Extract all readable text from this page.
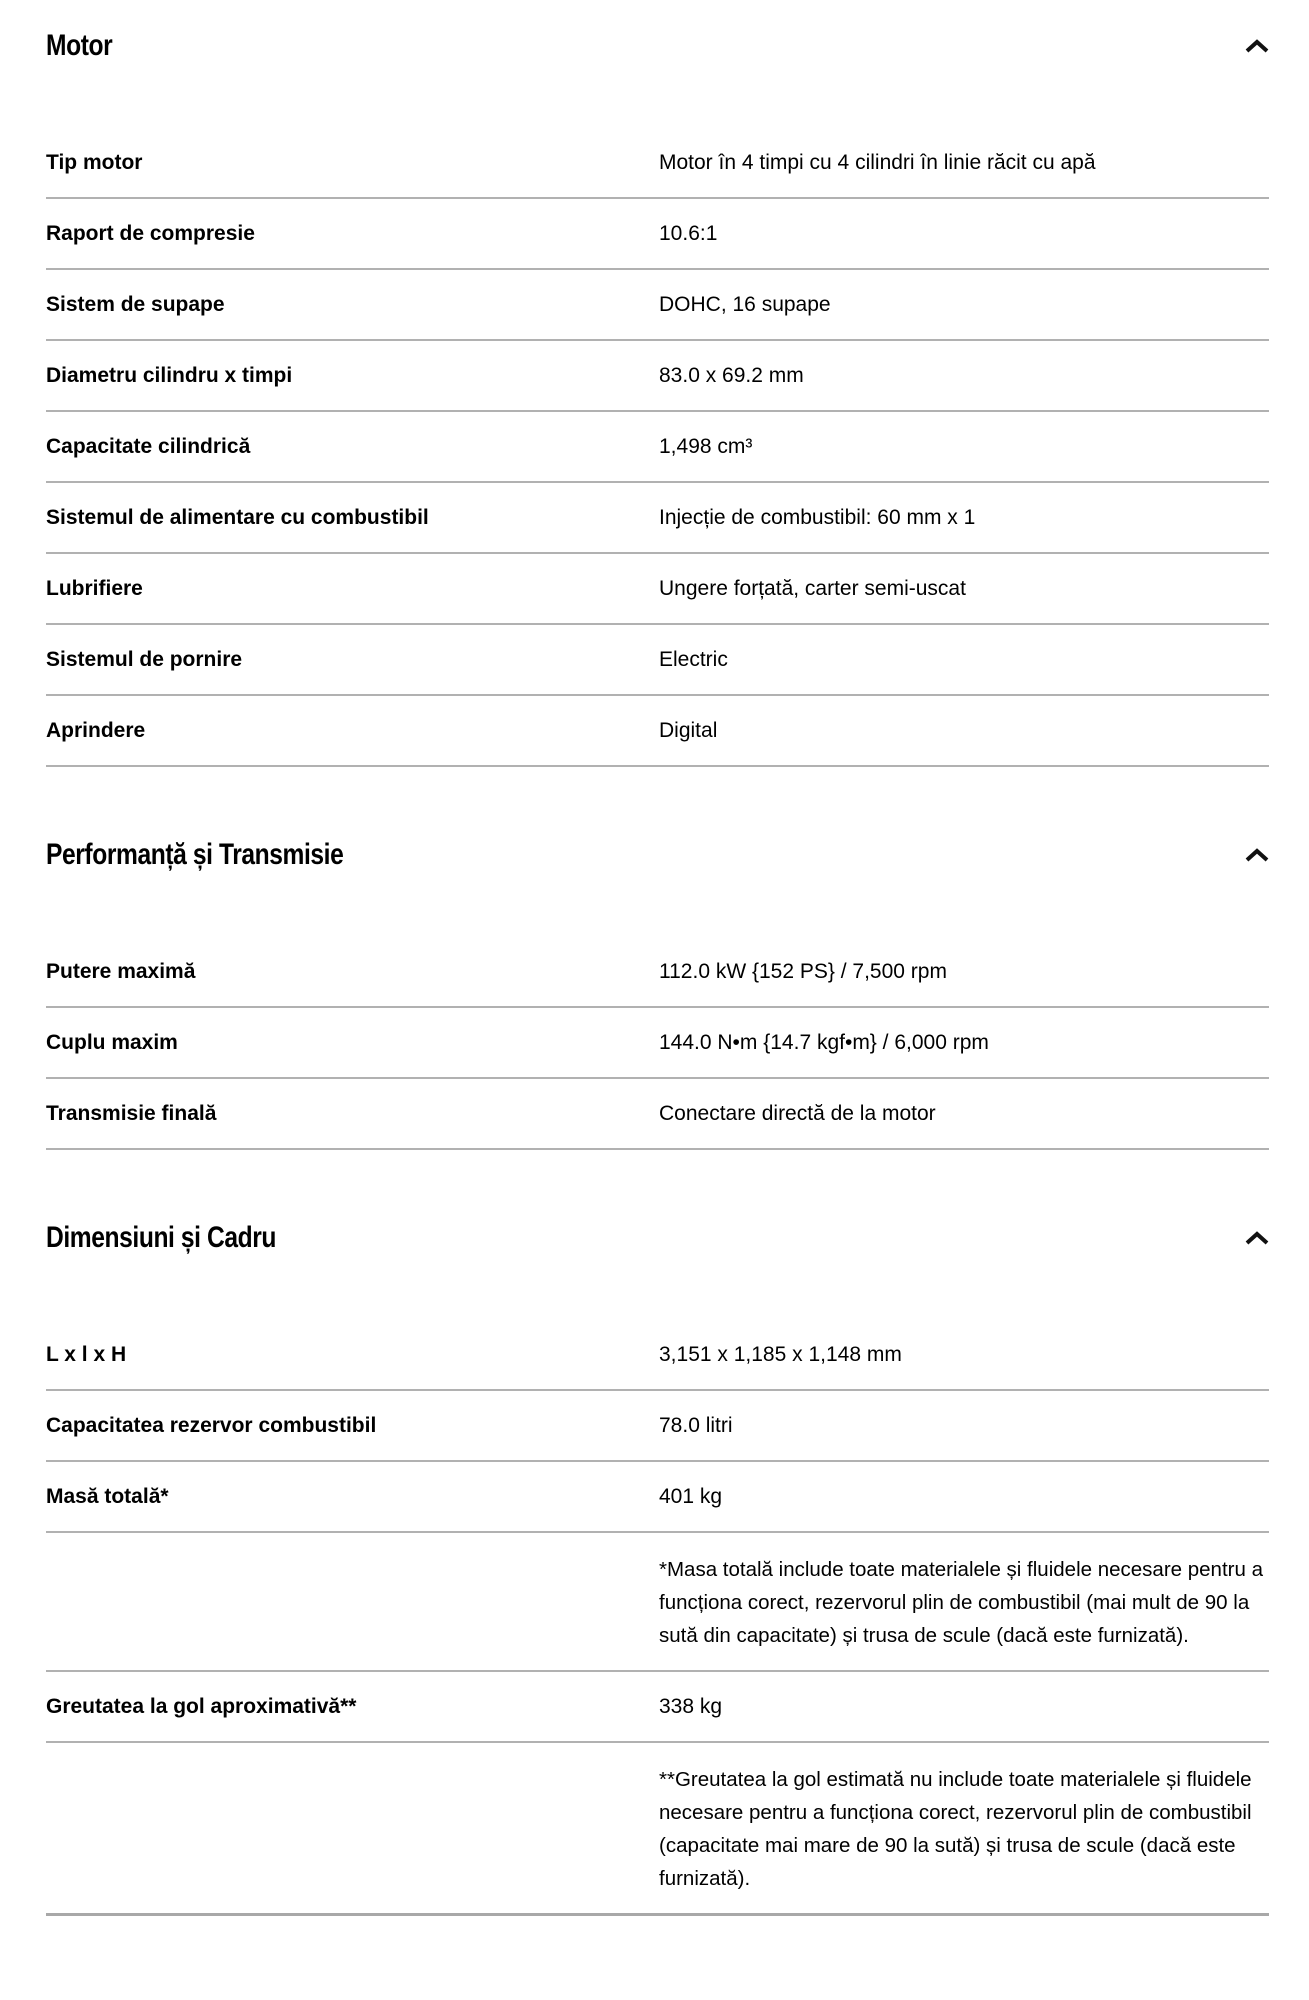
Motor
Tip motor	Motor în 4 timpi cu 4 cilindri în linie răcit cu apă
Raport de compresie	10.6:1
Sistem de supape	DOHC, 16 supape
Diametru cilindru x timpi	83.0 x 69.2 mm
Capacitate cilindrică	1,498 cm³
Sistemul de alimentare cu combustibil	Injecție de combustibil: 60 mm x 1
Lubrifiere	Ungere forțată, carter semi-uscat
Sistemul de pornire	Electric
Aprindere	Digital
Performanță și Transmisie
Putere maximă	112.0 kW {152 PS} / 7,500 rpm
Cuplu maxim	144.0 N•m {14.7 kgf•m} / 6,000 rpm
Transmisie finală	Conectare directă de la motor
Dimensiuni și Cadru
L x l x H	3,151 x 1,185 x 1,148 mm
Capacitatea rezervor combustibil	78.0 litri
Masă totală*	401 kg

*Masa totală include toate materialele și fluidele necesare pentru a funcționa corect, rezervorul plin de combustibil (mai mult de 90 la sută din capacitate) și trusa de scule (dacă este furnizată).

Greutatea la gol aproximativă**	338 kg

**Greutatea la gol estimată nu include toate materialele și fluidele necesare pentru a funcționa corect, rezervorul plin de combustibil (capacitate mai mare de 90 la sută) și trusa de scule (dacă este furnizată).
